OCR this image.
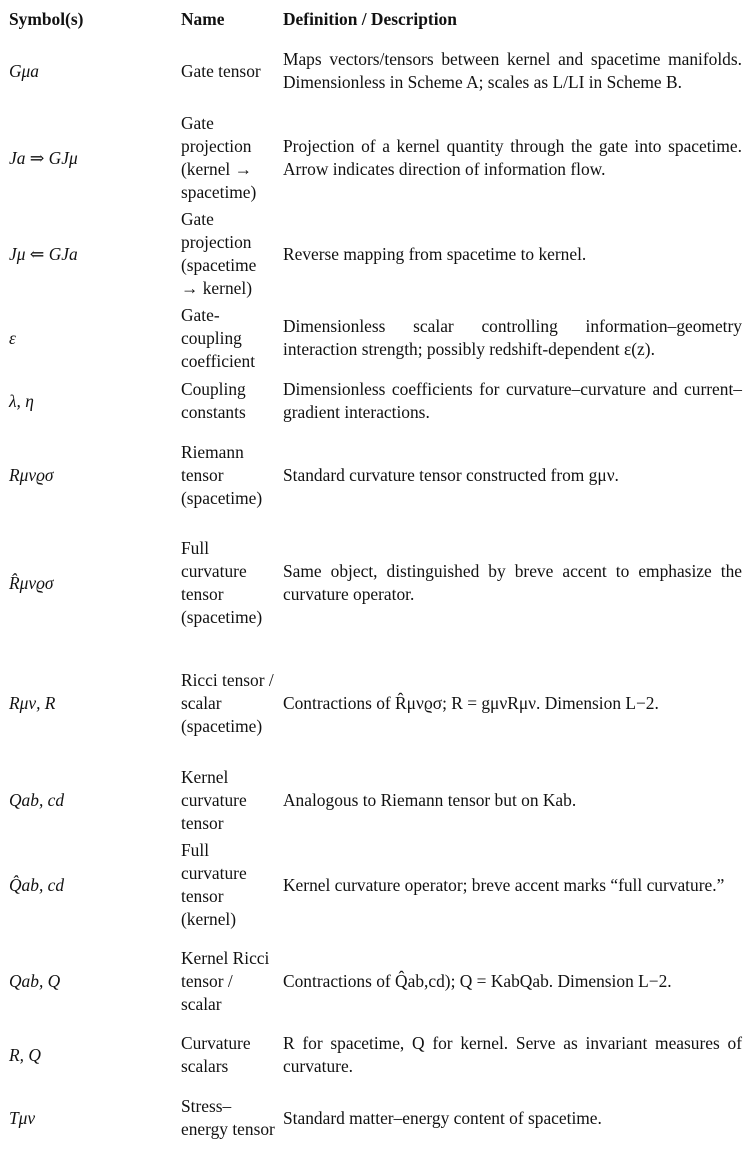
Symbol(s)	Name	Definition / Description
Gμa	Gate tensor	Maps vectors/tensors between kernel and spacetime manifolds. Dimensionless in Scheme A; scales as L/LI in Scheme B.
Ja ⇒ GJμ	Gate projection (kernel → spacetime)	Projection of a kernel quantity through the gate into spacetime. Arrow indicates direction of information flow.
Jμ ⇐ GJa	Gate projection (spacetime → kernel)	Reverse mapping from spacetime to kernel.
ε	Gate-coupling coefficient	Dimensionless scalar controlling information–geometry interaction strength; possibly redshift-dependent ε(z).
λ, η	Coupling constants	Dimensionless coefficients for curvature–curvature and current–gradient interactions.
Rμνϱσ	Riemann tensor (spacetime)	Standard curvature tensor constructed from gμν.
R̂μνϱσ	Full curvature tensor (spacetime)	Same object, distinguished by breve accent to emphasize the curvature operator.
Rμν, R	Ricci tensor / scalar (spacetime)	Contractions of R̂μνϱσ; R = gμνRμν. Dimension L−2.
Qab, cd	Kernel curvature tensor	Analogous to Riemann tensor but on Kab.
Q̂ab, cd	Full curvature tensor (kernel)	Kernel curvature operator; breve accent marks “full curvature.”
Qab, Q	Kernel Ricci tensor / scalar	Contractions of Q̂ab,cd); Q = KabQab. Dimension L−2.
R, Q	Curvature scalars	R for spacetime, Q for kernel. Serve as invariant measures of curvature.
Tμν	Stress–energy tensor	Standard matter–energy content of spacetime.
